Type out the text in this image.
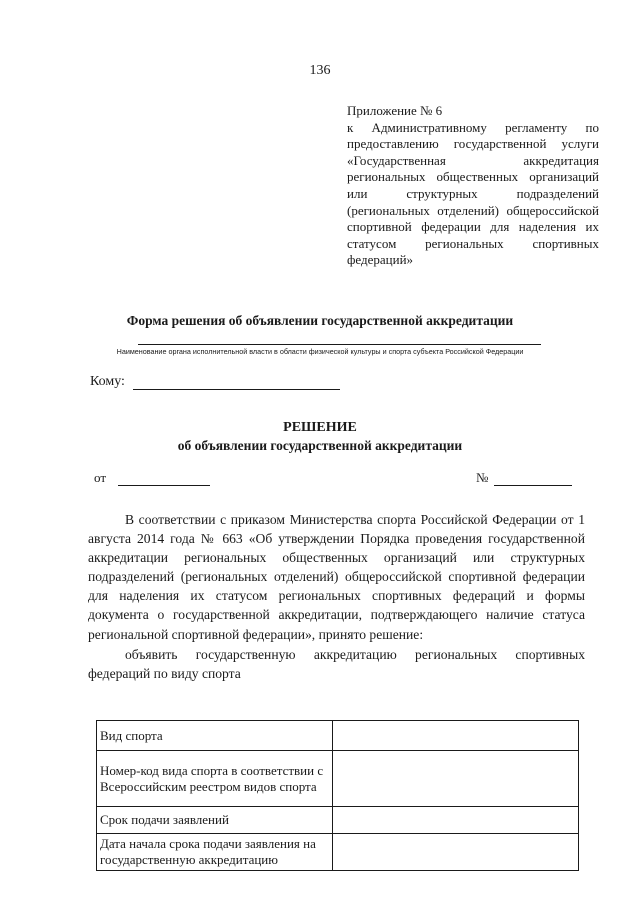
136
Приложение № 6
к Административному регламенту по предоставлению государственной услуги «Государственная аккредитация региональных общественных организаций или структурных подразделений (региональных отделений) общероссийской спортивной федерации для наделения их статусом региональных спортивных федераций»
Форма решения об объявлении государственной аккредитации
Наименование органа исполнительной власти в области физической культуры и спорта субъекта Российской Федерации
Кому:
РЕШЕНИЕ
об объявлении государственной аккредитации
от	№

В соответствии с приказом Министерства спорта Российской Федерации от 1 августа 2014 года № 663 «Об утверждении Порядка проведения государственной аккредитации региональных общественных организаций или структурных подразделений (региональных отделений) общероссийской спортивной федерации для наделения их статусом региональных спортивных федераций и формы документа о государственной аккредитации, подтверждающего наличие статуса региональной спортивной федерации», принято решение:

объявить государственную аккредитацию региональных спортивных федераций по виду спорта

Вид спорта	
Номер-код вида спорта в соответствии с Всероссийским реестром видов спорта	
Срок подачи заявлений	
Дата начала срока подачи заявления на государственную аккредитацию	
